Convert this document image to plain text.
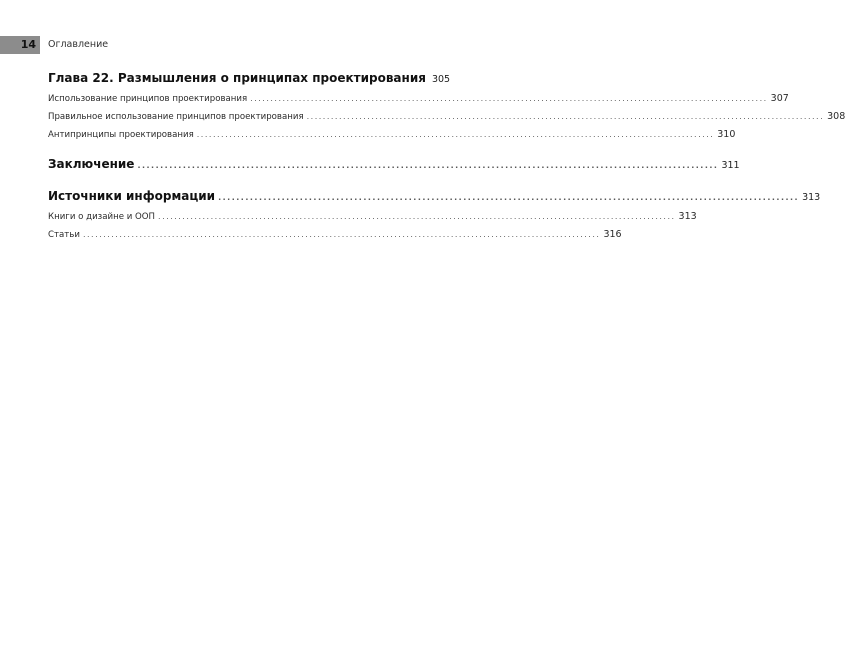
14	Оглавление
Глава 22. Размышления о принципах проектирования 305
Использование принципов проектирования ................................................................................................................................ 307
Правильное использование принципов проектирования ................................................................................................................................ 308
Антипринципы проектирования ................................................................................................................................ 310
Заключение ................................................................................................................................ 311
Источники информации ................................................................................................................................ 313
Книги о дизайне и ООП ................................................................................................................................ 313
Статьи ................................................................................................................................ 316
